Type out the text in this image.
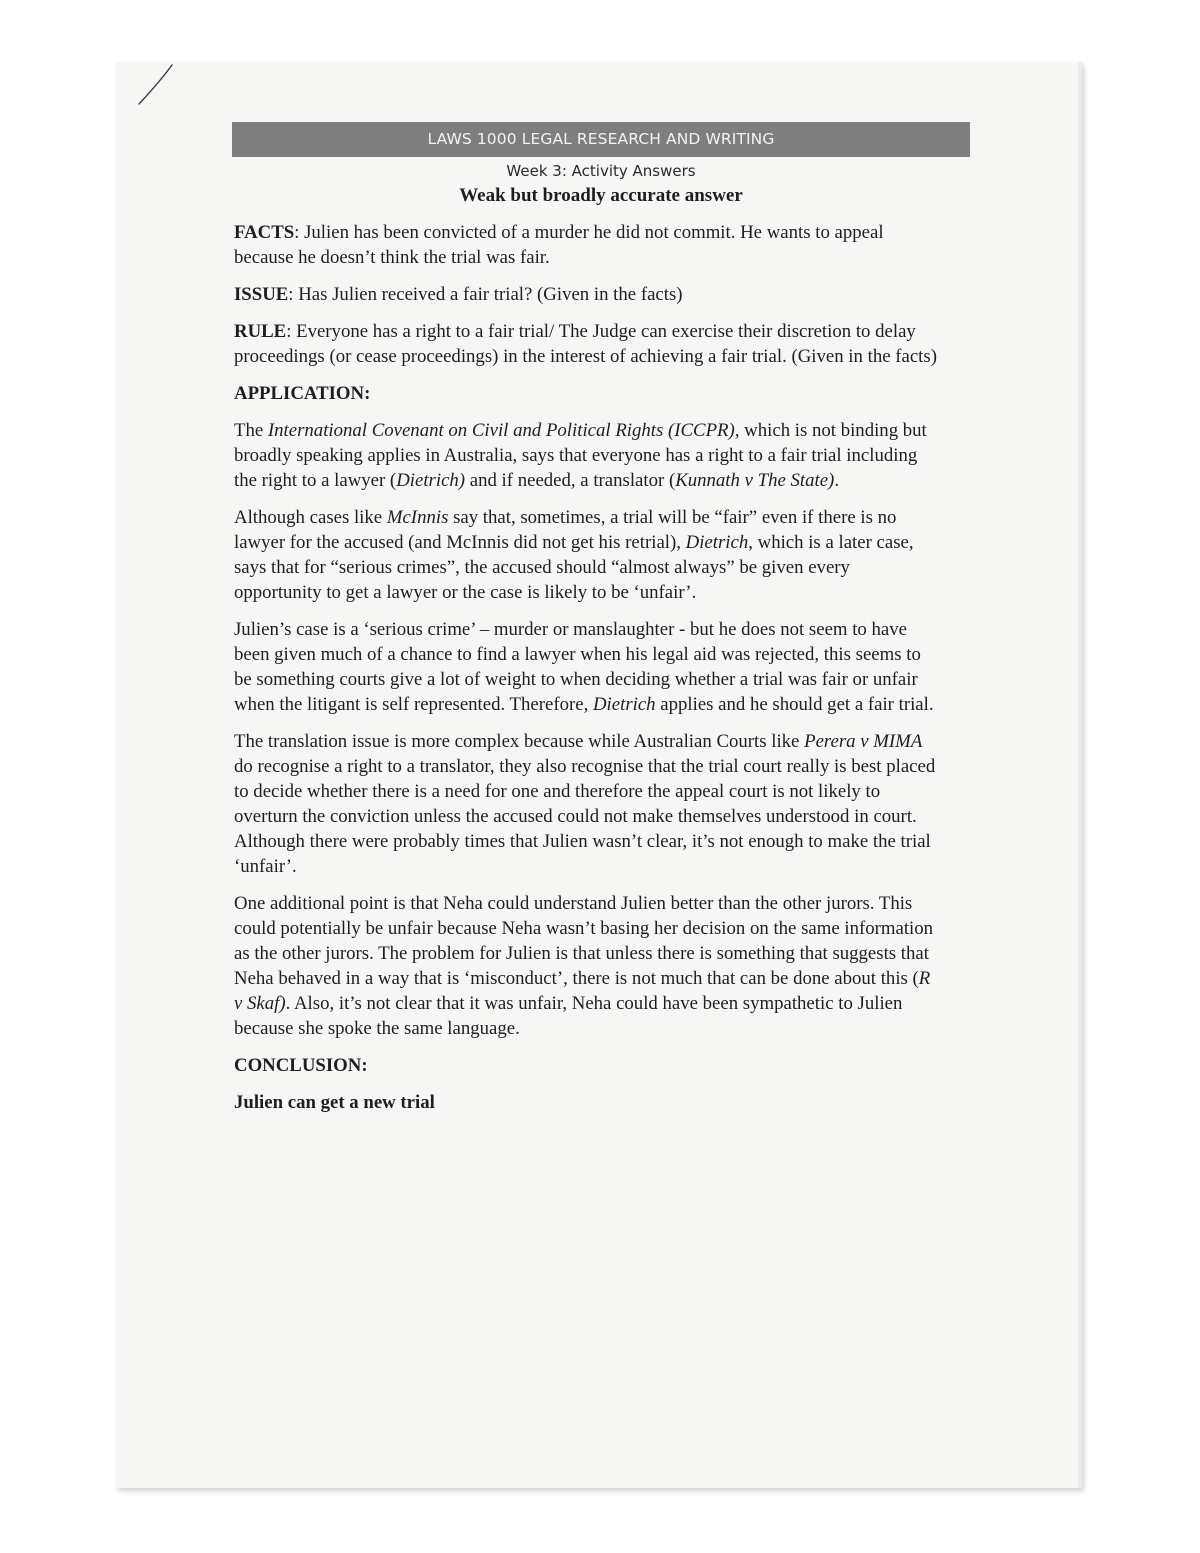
LAWS 1000 LEGAL RESEARCH AND WRITING
Week 3: Activity Answers
Weak but broadly accurate answer

FACTS: Julien has been convicted of a murder he did not commit. He wants to appeal
because he doesn’t think the trial was fair.

ISSUE: Has Julien received a fair trial? (Given in the facts)

RULE: Everyone has a right to a fair trial/ The Judge can exercise their discretion to delay
proceedings (or cease proceedings) in the interest of achieving a fair trial. (Given in the facts)

APPLICATION:

The International Covenant on Civil and Political Rights (ICCPR), which is not binding but
broadly speaking applies in Australia, says that everyone has a right to a fair trial including
the right to a lawyer (Dietrich) and if needed, a translator (Kunnath v The State).

Although cases like McInnis say that, sometimes, a trial will be “fair” even if there is no
lawyer for the accused (and McInnis did not get his retrial), Dietrich, which is a later case,
says that for “serious crimes”, the accused should “almost always” be given every
opportunity to get a lawyer or the case is likely to be ‘unfair’.

Julien’s case is a ‘serious crime’ – murder or manslaughter - but he does not seem to have
been given much of a chance to find a lawyer when his legal aid was rejected, this seems to
be something courts give a lot of weight to when deciding whether a trial was fair or unfair
when the litigant is self represented. Therefore, Dietrich applies and he should get a fair trial.

The translation issue is more complex because while Australian Courts like Perera v MIMA
do recognise a right to a translator, they also recognise that the trial court really is best placed
to decide whether there is a need for one and therefore the appeal court is not likely to
overturn the conviction unless the accused could not make themselves understood in court.
Although there were probably times that Julien wasn’t clear, it’s not enough to make the trial
‘unfair’.

One additional point is that Neha could understand Julien better than the other jurors. This
could potentially be unfair because Neha wasn’t basing her decision on the same information
as the other jurors. The problem for Julien is that unless there is something that suggests that
Neha behaved in a way that is ‘misconduct’, there is not much that can be done about this (R
v Skaf). Also, it’s not clear that it was unfair, Neha could have been sympathetic to Julien
because she spoke the same language.

CONCLUSION:

Julien can get a new trial
